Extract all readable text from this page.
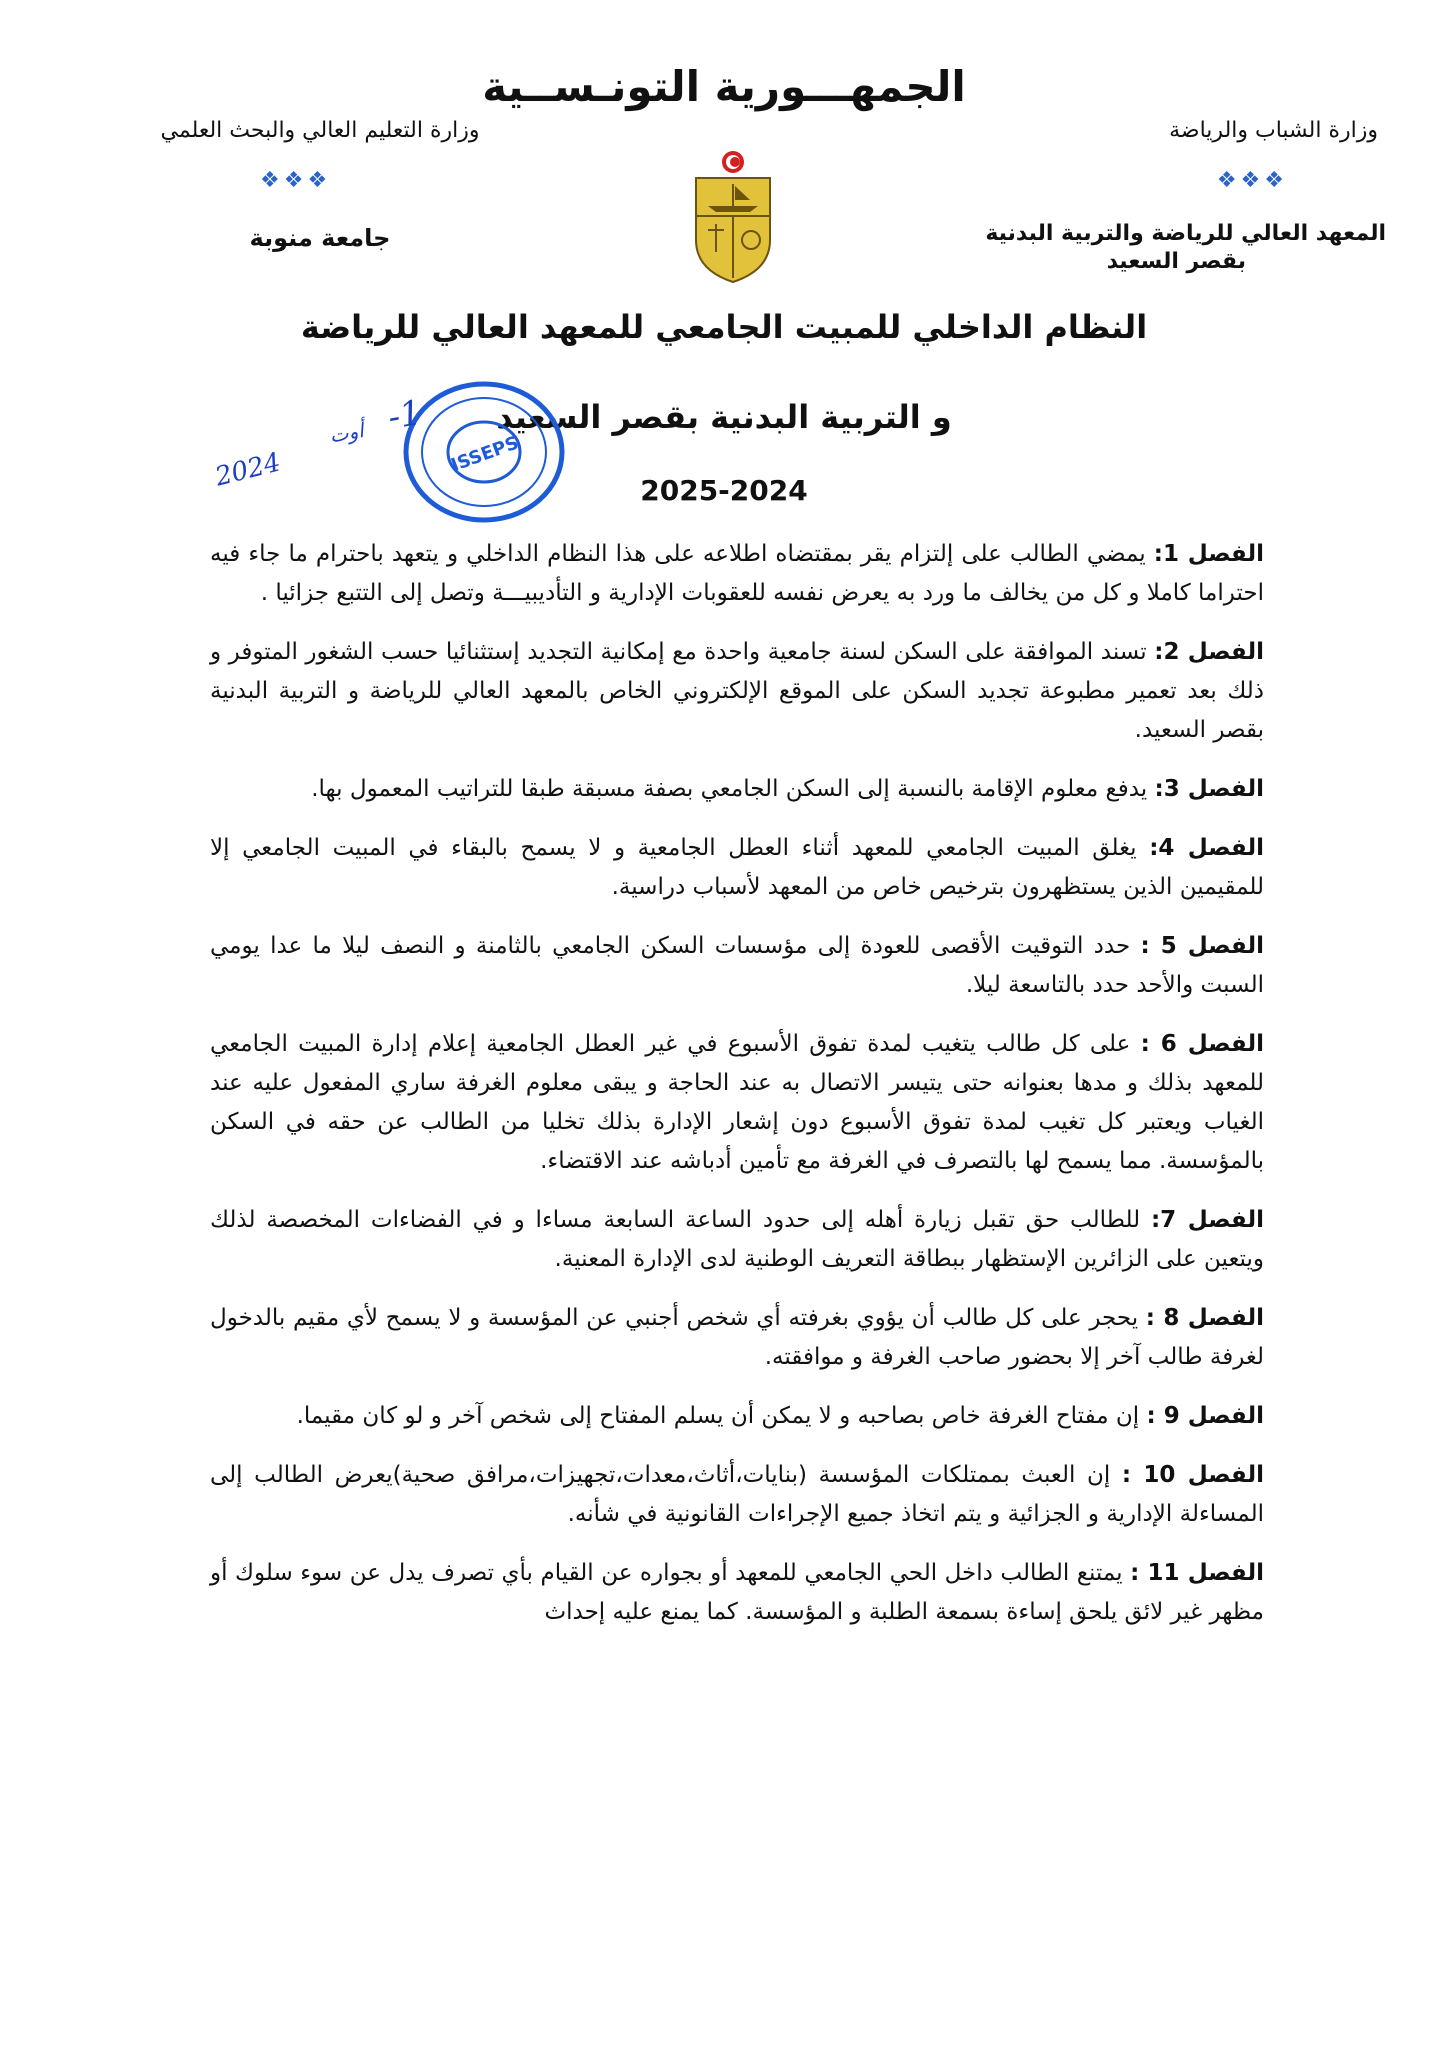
الجمهـــورية التونـســية
وزارة التعليم العالي والبحث العلمي	وزارة الشباب والرياضة
❖❖❖	❖❖❖
جامعة منوبة	المعهد العالي للرياضة والتربية البدنية
بقصر السعيد
النظام الداخلي للمبيت الجامعي للمعهد العالي للرياضة
و التربية البدنية بقصر السعيد
2025-2024
ISSEPS
1-
أوت
2024

الفصل 1: يمضي الطالب على إلتزام يقر بمقتضاه اطلاعه على هذا النظام الداخلي و يتعهد باحترام ما جاء فيه احتراما كاملا و كل من يخالف ما ورد به يعرض نفسه للعقوبات الإدارية و التأديبيـــة وتصل إلى التتبع جزائيا .

الفصل 2: تسند الموافقة على السكن لسنة جامعية واحدة مع إمكانية التجديد إستثنائيا حسب الشغور المتوفر و ذلك بعد تعمير مطبوعة تجديد السكن على الموقع الإلكتروني الخاص بالمعهد العالي للرياضة و التربية البدنية بقصر السعيد.

الفصل 3: يدفع معلوم الإقامة بالنسبة إلى السكن الجامعي بصفة مسبقة طبقا للتراتيب المعمول بها.

الفصل 4: يغلق المبيت الجامعي للمعهد أثناء العطل الجامعية و لا يسمح بالبقاء في المبيت الجامعي إلا للمقيمين الذين يستظهرون بترخيص خاص من المعهد لأسباب دراسية.

الفصل 5 : حدد التوقيت الأقصى للعودة إلى مؤسسات السكن الجامعي بالثامنة و النصف ليلا ما عدا يومي السبت والأحد حدد بالتاسعة ليلا.

الفصل 6 : على كل طالب يتغيب لمدة تفوق الأسبوع في غير العطل الجامعية إعلام إدارة المبيت الجامعي للمعهد بذلك و مدها بعنوانه حتى يتيسر الاتصال به عند الحاجة و يبقى معلوم الغرفة ساري المفعول عليه عند الغياب ويعتبر كل تغيب لمدة تفوق الأسبوع دون إشعار الإدارة بذلك تخليا من الطالب عن حقه في السكن بالمؤسسة. مما يسمح لها بالتصرف في الغرفة مع تأمين أدباشه عند الاقتضاء.

الفصل 7: للطالب حق تقبل زيارة أهله إلى حدود الساعة السابعة مساءا و في الفضاءات المخصصة لذلك ويتعين على الزائرين الإستظهار ببطاقة التعريف الوطنية لدى الإدارة المعنية.

الفصل 8 : يحجر على كل طالب أن يؤوي بغرفته أي شخص أجنبي عن المؤسسة و لا يسمح لأي مقيم بالدخول لغرفة طالب آخر إلا بحضور صاحب الغرفة و موافقته.

الفصل 9 : إن مفتاح الغرفة خاص بصاحبه و لا يمكن أن يسلم المفتاح إلى شخص آخر و لو كان مقيما.

الفصل 10 : إن العبث بممتلكات المؤسسة (بنايات،أثاث،معدات،تجهيزات،مرافق صحية)يعرض الطالب إلى المساءلة الإدارية و الجزائية و يتم اتخاذ جميع الإجراءات القانونية في شأنه.

الفصل 11 : يمتنع الطالب داخل الحي الجامعي للمعهد أو بجواره عن القيام بأي تصرف يدل عن سوء سلوك أو مظهر غير لائق يلحق إساءة بسمعة الطلبة و المؤسسة. كما يمنع عليه إحداث
